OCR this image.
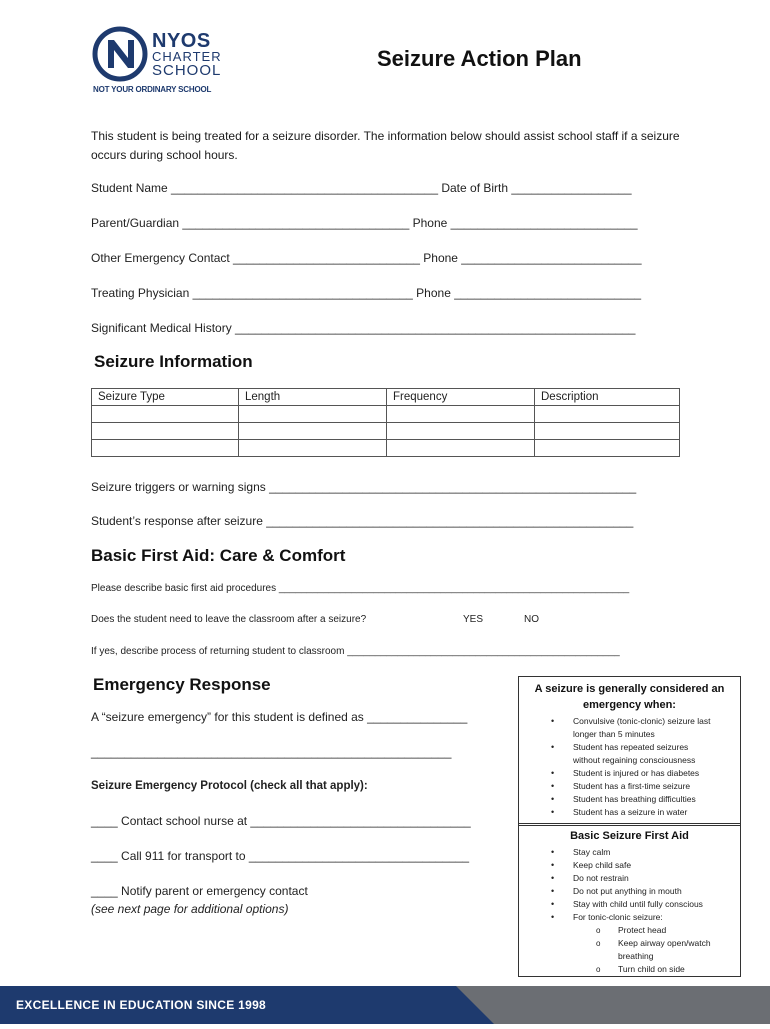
NYOS
CHARTER
SCHOOL
NOT YOUR ORDINARY SCHOOL
Seizure Action Plan
This student is being treated for a seizure disorder. The information below should assist school staff if a seizure occurs during school hours.
Student Name ________________________________________ Date of Birth __________________
Parent/Guardian __________________________________ Phone ____________________________
Other Emergency Contact ____________________________ Phone ___________________________
Treating Physician _________________________________ Phone ____________________________
Significant Medical History ____________________________________________________________
Seizure Information
Seizure Type	Length	Frequency	Description

Seizure triggers or warning signs _______________________________________________________
Student’s response after seizure _______________________________________________________
Basic First Aid: Care & Comfort
Please describe basic first aid procedures _______________________________________________________________
Does the student need to leave the classroom after a seizure?	YES	NO
If yes, describe process of returning student to classroom _________________________________________________
Emergency Response
A “seizure emergency” for this student is defined as _______________
______________________________________________________
Seizure Emergency Protocol (check all that apply):
____ Contact school nurse at _________________________________
____ Call 911 for transport to _________________________________
____ Notify parent or emergency contact
(see next page for additional options)
A seizure is generally considered an
emergency when:
• Convulsive (tonic-clonic) seizure last
longer than 5 minutes
• Student has repeated seizures
without regaining consciousness
• Student is injured or has diabetes
• Student has a first-time seizure
• Student has breathing difficulties
• Student has a seizure in water
Basic Seizure First Aid
• Stay calm
• Keep child safe
• Do not restrain
• Do not put anything in mouth
• Stay with child until fully conscious
• For tonic-clonic seizure:
o Protect head
o Keep airway open/watch
breathing
o Turn child on side
EXCELLENCE IN EDUCATION SINCE 1998
